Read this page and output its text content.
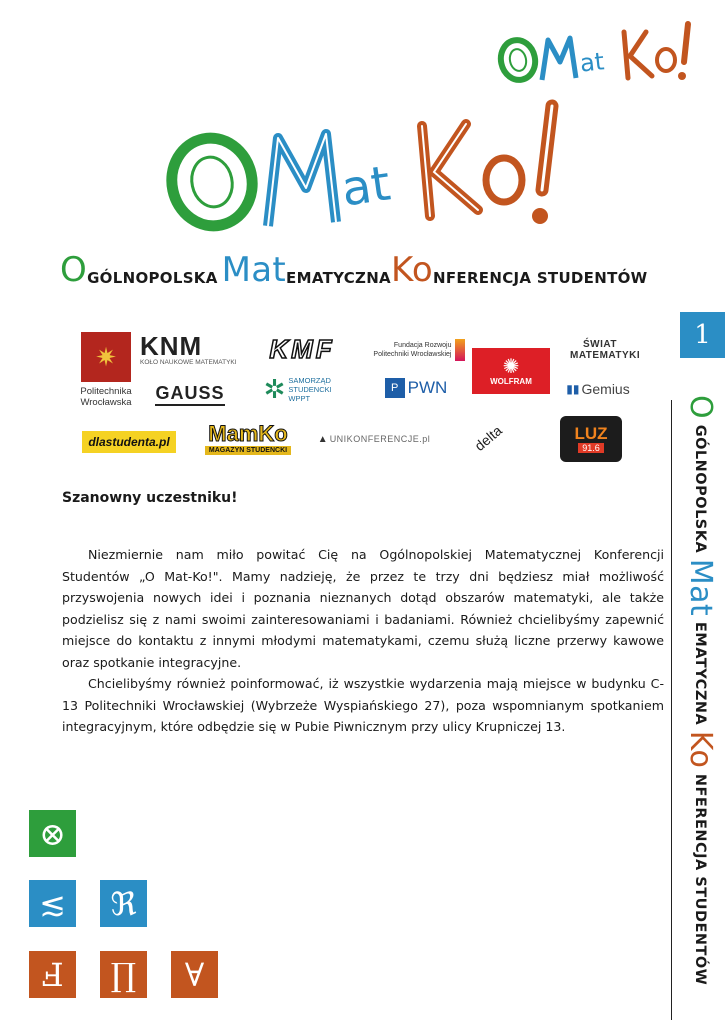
at
at
O GÓLNOPOLSKA Mat EMATYCZNA Ko NFERENCJA STUDENTÓW
1
O GÓLNOPOLSKA Mat EMATYCZNA Ko NFERENCJA STUDENTÓW
✷
Politechnika
Wrocławska
KNM
KOŁO NAUKOWE MATEMATYKI KMF	Fundacja Rozwoju Politechniki Wrocławskiej
✺
WOLFRAM
ŚWIAT MATEMATYKI
GAUSS ✲ SAMORZĄD STUDENCKI WPPT
P PWN	▮▮ Gemius
dlastudenta.pl MamKo
MAGAZYN STUDENCKI
▲ UNIKONFERENCJE.pl	delta	LUZ
91.6
Szanowny uczestniku!

Niezmiernie nam miło powitać Cię na Ogólnopolskiej Matematycznej Konferencji Studentów „O Mat-Ko!". Mamy nadzieję, że przez te trzy dni będziesz miał możliwość przyswojenia nowych idei i poznania nieznanych dotąd obszarów matematyki, ale także podzielisz się z nami swoimi zainteresowaniami i badaniami. Również chcielibyśmy zapewnić miejsce do kontaktu z innymi młodymi matematykami, czemu służą liczne przerwy kawowe oraz spotkanie integracyjne.

Chcielibyśmy również poinformować, iż wszystkie wydarzenia mają miejsce w budynku C-13 Politechniki Wrocławskiej (Wybrzeże Wyspiańskiego 27), poza wspomnianym spotkaniem integracyjnym, które odbędzie się w Pubie Piwnicznym przy ulicy Krupniczej 13.

⊗
≲ ℜ
Ⅎ ∏ ∀
